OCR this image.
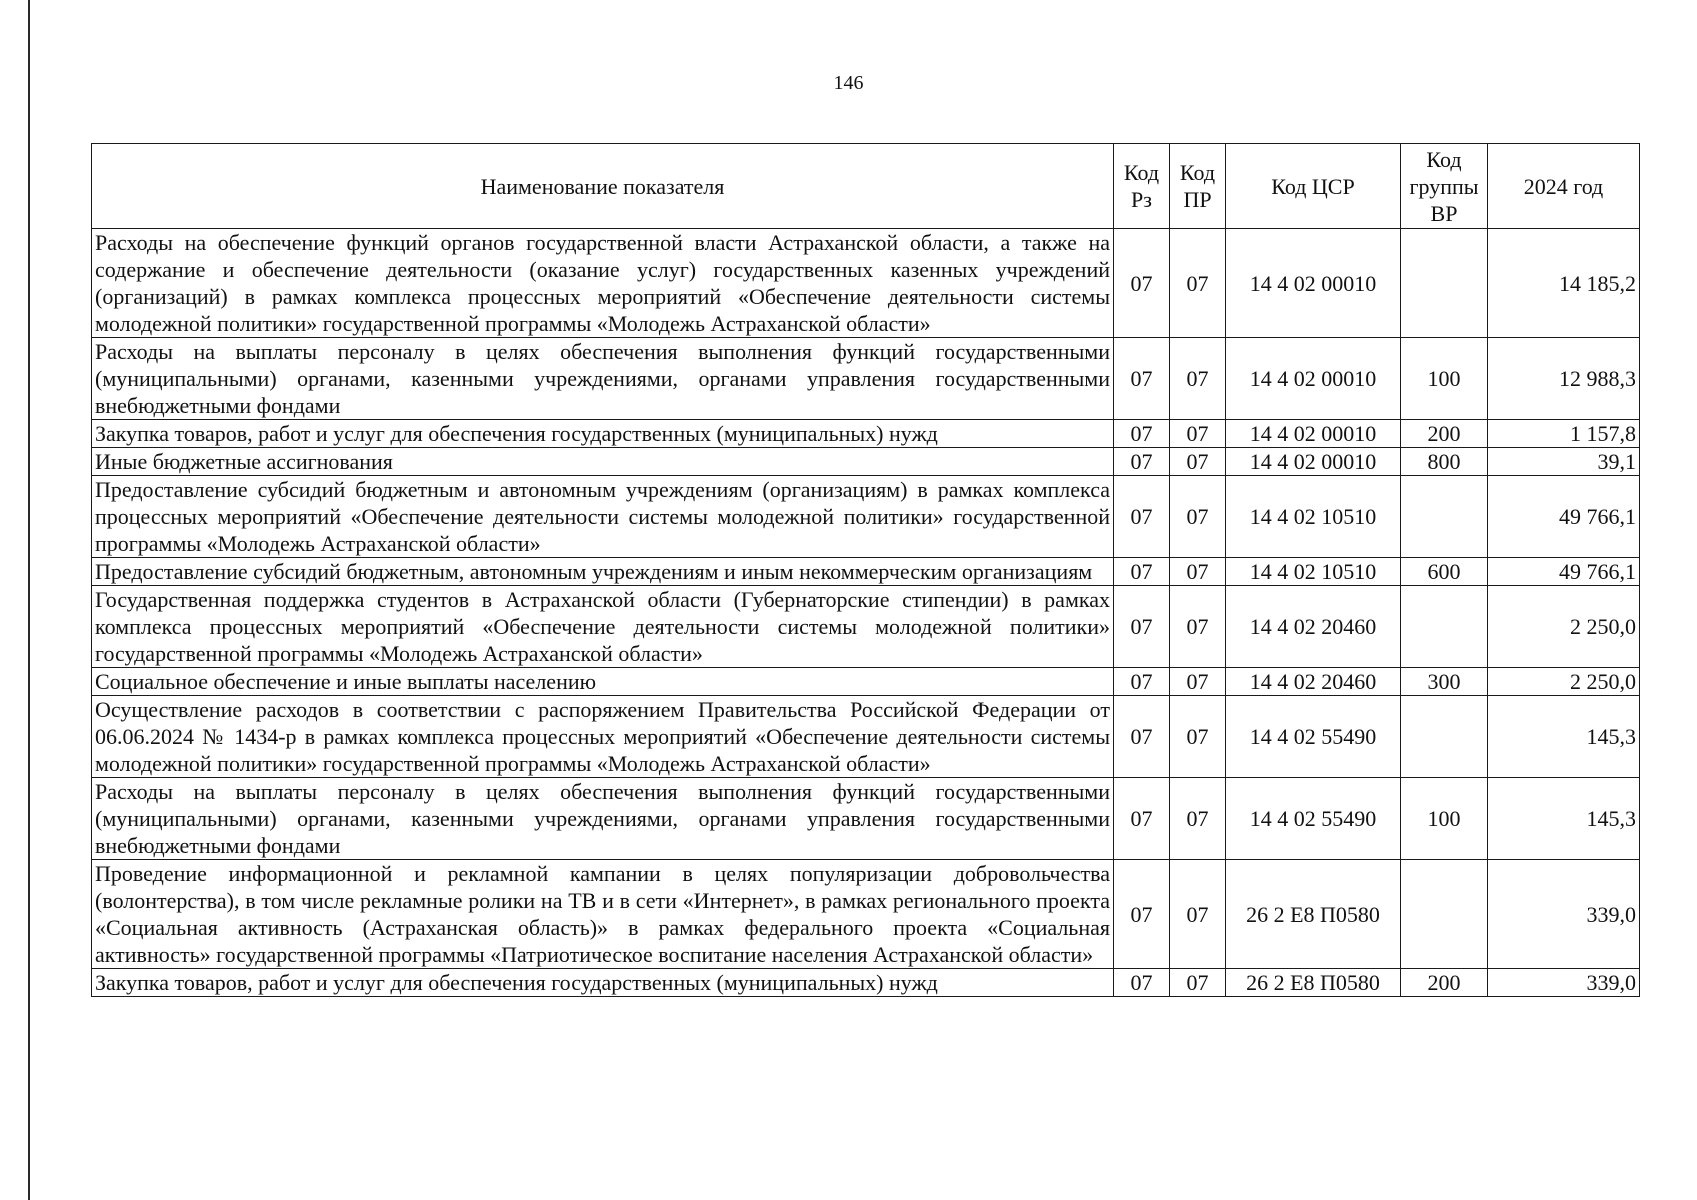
146
Наименование показателя	Код Рз	Код ПР	Код ЦСР	Код группы ВР	2024 год
Расходы на обеспечение функций органов государственной власти Астраханской области, а также на содержание и обеспечение деятельности (оказание услуг) государственных казенных учреждений (организаций) в рамках комплекса процессных мероприятий «Обеспечение деятельности системы молодежной политики» государственной программы «Молодежь Астраханской области»	07	07	14 4 02 00010		14 185,2
Расходы на выплаты персоналу в целях обеспечения выполнения функций государственными (муниципальными) органами, казенными учреждениями, органами управления государственными внебюджетными фондами	07	07	14 4 02 00010	100	12 988,3
Закупка товаров, работ и услуг для обеспечения государственных (муниципальных) нужд	07	07	14 4 02 00010	200	1 157,8
Иные бюджетные ассигнования	07	07	14 4 02 00010	800	39,1
Предоставление субсидий бюджетным и автономным учреждениям (организациям) в рамках комплекса процессных мероприятий «Обеспечение деятельности системы молодежной политики» государственной программы «Молодежь Астраханской области»	07	07	14 4 02 10510		49 766,1
Предоставление субсидий бюджетным, автономным учреждениям и иным некоммерческим организациям	07	07	14 4 02 10510	600	49 766,1
Государственная поддержка студентов в Астраханской области (Губернаторские стипендии) в рамках комплекса процессных мероприятий «Обеспечение деятельности системы молодежной политики» государственной программы «Молодежь Астраханской области»	07	07	14 4 02 20460		2 250,0
Социальное обеспечение и иные выплаты населению	07	07	14 4 02 20460	300	2 250,0
Осуществление расходов в соответствии с распоряжением Правительства Российской Федерации от 06.06.2024 № 1434-р в рамках комплекса процессных мероприятий «Обеспечение деятельности системы молодежной политики» государственной программы «Молодежь Астраханской области»	07	07	14 4 02 55490		145,3
Расходы на выплаты персоналу в целях обеспечения выполнения функций государственными (муниципальными) органами, казенными учреждениями, органами управления государственными внебюджетными фондами	07	07	14 4 02 55490	100	145,3
Проведение информационной и рекламной кампании в целях популяризации добровольчества (волонтерства), в том числе рекламные ролики на ТВ и в сети «Интернет», в рамках регионального проекта «Социальная активность (Астраханская область)» в рамках федерального проекта «Социальная активность» государственной программы «Патриотическое воспитание населения Астраханской области»	07	07	26 2 E8 П0580		339,0
Закупка товаров, работ и услуг для обеспечения государственных (муниципальных) нужд	07	07	26 2 E8 П0580	200	339,0
